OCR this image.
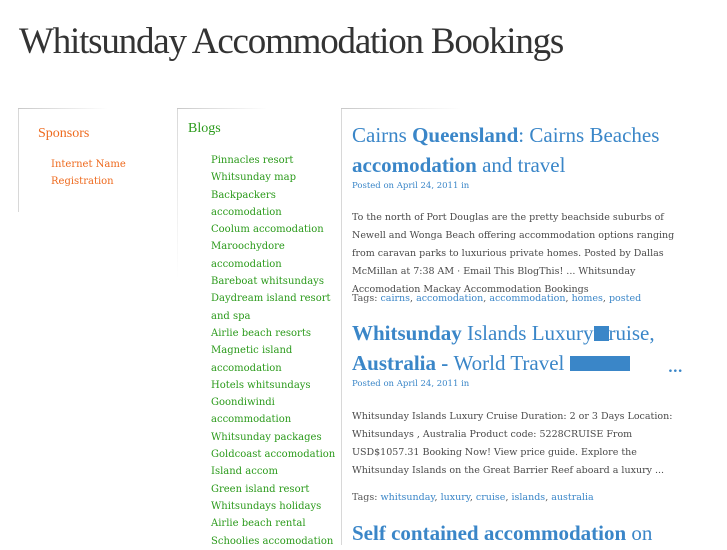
Whitsunday Accommodation Bookings
Sponsors
Internet Name
Registration
Blogs
Pinnacles resort
Whitsunday map
Backpackers
accomodation
Coolum accomodation
Maroochydore
accomodation
Bareboat whitsundays
Daydream island resort
and spa
Airlie beach resorts
Magnetic island
accomodation
Hotels whitsundays
Goondiwindi
accommodation
Whitsunday packages
Goldcoast accomodation
Island accom
Green island resort
Whitsundays holidays
Airlie beach rental
Schoolies accomodation
Cairns Queensland: Cairns Beaches accomodation and travel
Posted on April 24, 2011 in

To the north of Port Douglas are the pretty beachside suburbs of Newell and Wonga Beach offering accommodation options ranging from caravan parks to luxurious private homes. Posted by Dallas McMillan at 7:38 AM · Email This BlogThis! ... Whitsunday Accomodation Mackay Accommodation Bookings

Tags: cairns, accomodation, accommodation, homes, posted
Whitsunday Islands Luxury ruise,
Australia - World Travel	...
Posted on April 24, 2011 in

Whitsunday Islands Luxury Cruise Duration: 2 or 3 Days Location: Whitsundays , Australia Product code: 5228CRUISE From USD$1057.31 Booking Now! View price guide. Explore the Whitsunday Islands on the Great Barrier Reef aboard a luxury ...

Tags: whitsunday, luxury, cruise, islands, australia
Self contained accommodation on
